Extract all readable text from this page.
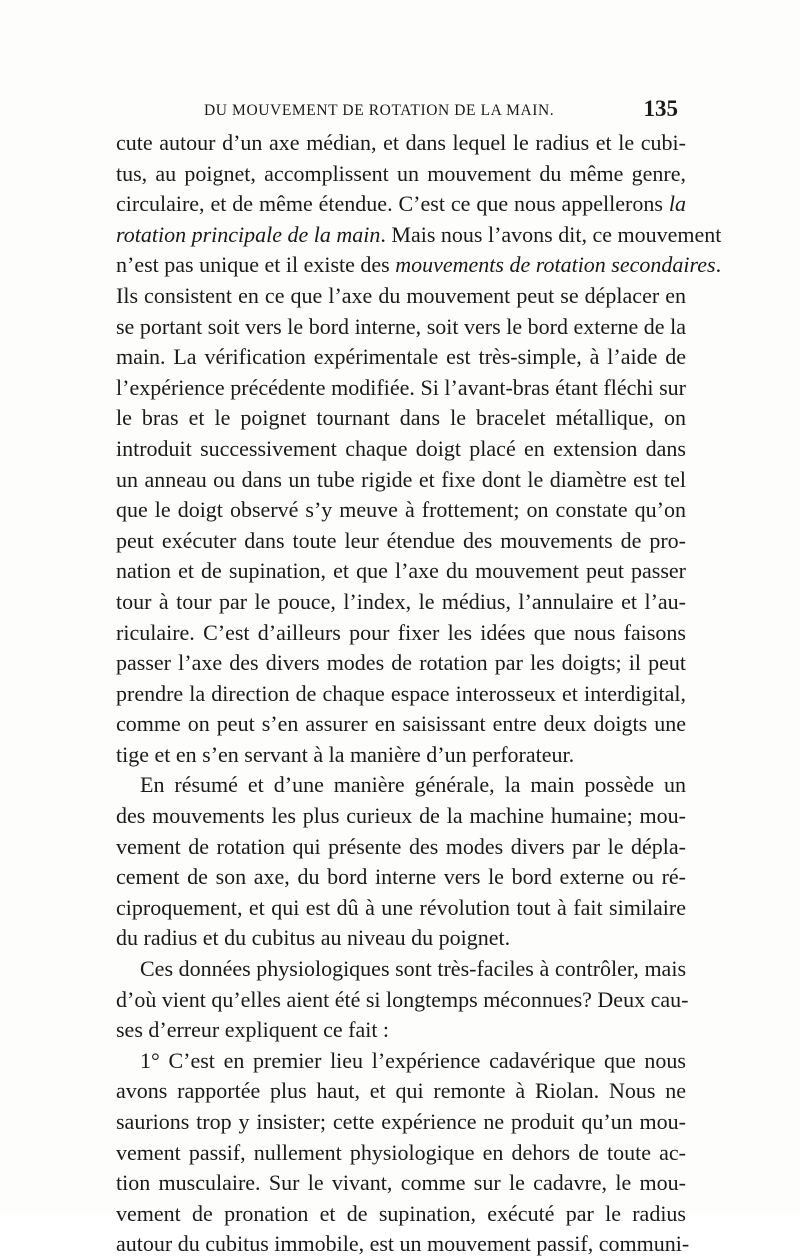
DU MOUVEMENT DE ROTATION DE LA MAIN.	135
cute autour d’un axe médian, et dans lequel le radius et le cubi-
tus, au poignet, accomplissent un mouvement du même genre,
circulaire, et de même étendue. C’est ce que nous appellerons la
rotation principale de la main. Mais nous l’avons dit, ce mouvement
n’est pas unique et il existe des mouvements de rotation secondaires.
Ils consistent en ce que l’axe du mouvement peut se déplacer en
se portant soit vers le bord interne, soit vers le bord externe de la
main. La vérification expérimentale est très-simple, à l’aide de
l’expérience précédente modifiée. Si l’avant-bras étant fléchi sur
le bras et le poignet tournant dans le bracelet métallique, on
introduit successivement chaque doigt placé en extension dans
un anneau ou dans un tube rigide et fixe dont le diamètre est tel
que le doigt observé s’y meuve à frottement; on constate qu’on
peut exécuter dans toute leur étendue des mouvements de pro-
nation et de supination, et que l’axe du mouvement peut passer
tour à tour par le pouce, l’index, le médius, l’annulaire et l’au-
riculaire. C’est d’ailleurs pour fixer les idées que nous faisons
passer l’axe des divers modes de rotation par les doigts; il peut
prendre la direction de chaque espace interosseux et interdigital,
comme on peut s’en assurer en saisissant entre deux doigts une
tige et en s’en servant à la manière d’un perforateur.
En résumé et d’une manière générale, la main possède un
des mouvements les plus curieux de la machine humaine; mou-
vement de rotation qui présente des modes divers par le dépla-
cement de son axe, du bord interne vers le bord externe ou ré-
ciproquement, et qui est dû à une révolution tout à fait similaire
du radius et du cubitus au niveau du poignet.
Ces données physiologiques sont très-faciles à contrôler, mais
d’où vient qu’elles aient été si longtemps méconnues? Deux cau-
ses d’erreur expliquent ce fait :
1° C’est en premier lieu l’expérience cadavérique que nous
avons rapportée plus haut, et qui remonte à Riolan. Nous ne
saurions trop y insister; cette expérience ne produit qu’un mou-
vement passif, nullement physiologique en dehors de toute ac-
tion musculaire. Sur le vivant, comme sur le cadavre, le mou-
vement de pronation et de supination, exécuté par le radius
autour du cubitus immobile, est un mouvement passif, communi-
